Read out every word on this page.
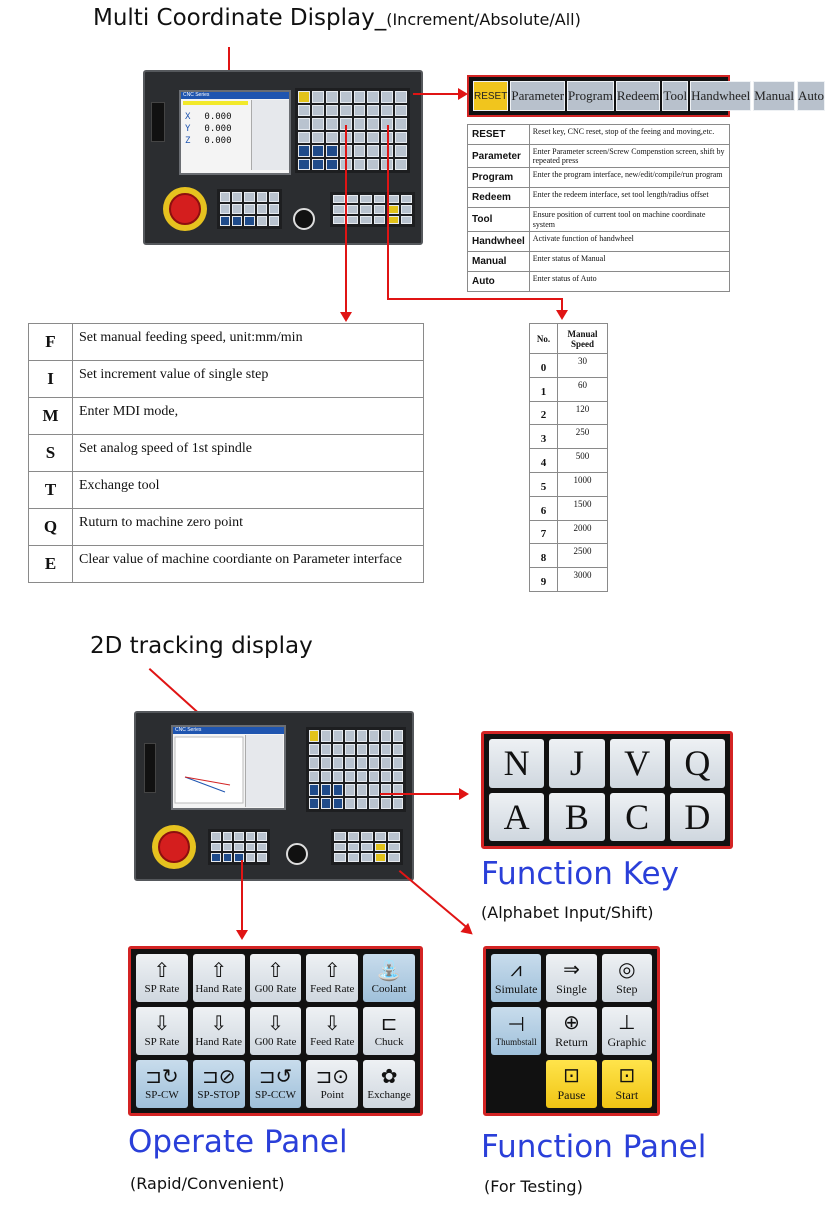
Multi Coordinate Display_(Increment/Absolute/All)
CNC Series
X 0.000
Y 0.000
Z 0.000
RESET Parameter Program Redeem Tool Handwheel Manual Auto
RESET	Reset key, CNC reset, stop of the feeing and moving,etc.
Parameter	Enter Parameter screen/Screw Compenstion screen, shift by repeated press
Program	Enter the program interface, new/edit/compile/run program
Redeem	Enter the redeem interface, set tool length/radius offset
Tool	Ensure position of current tool on machine coordinate system
Handwheel	Activate function of handwheel
Manual	Enter status of Manual
Auto	Enter status of Auto
F	Set manual feeding speed, unit:mm/min
I	Set increment value of single step
M	Enter MDI mode,
S	Set analog speed of 1st spindle
T	Exchange tool
Q	Ruturn to machine zero point
E	Clear value of machine coordiante on Parameter interface
No.	Manual Speed
0	30
1	60
2	120
3	250
4	500
5	1000
6	1500
7	2000
8	2500
9	3000
2D tracking display
CNC Series
N J V Q
A B C D
Function Key
(Alphabet Input/Shift)
⇧
SP Rate
⇧
Hand Rate
⇧
G00 Rate
⇧
Feed Rate
⛲
Coolant
⇩
SP Rate
⇩
Hand Rate
⇩
G00 Rate
⇩
Feed Rate
⊏
Chuck
⊐↻
SP-CW
⊐⊘
SP-STOP
⊐↺
SP-CCW
⊐⊙
Point
✿
Exchange
Operate Panel
(Rapid/Convenient)
⩘
Simulate
⇒
Single
◎
Step
⊣
Thumbstall
⊕
Return
⊥
Graphic
⊡
Pause
⊡
Start
Function Panel
(For Testing)
